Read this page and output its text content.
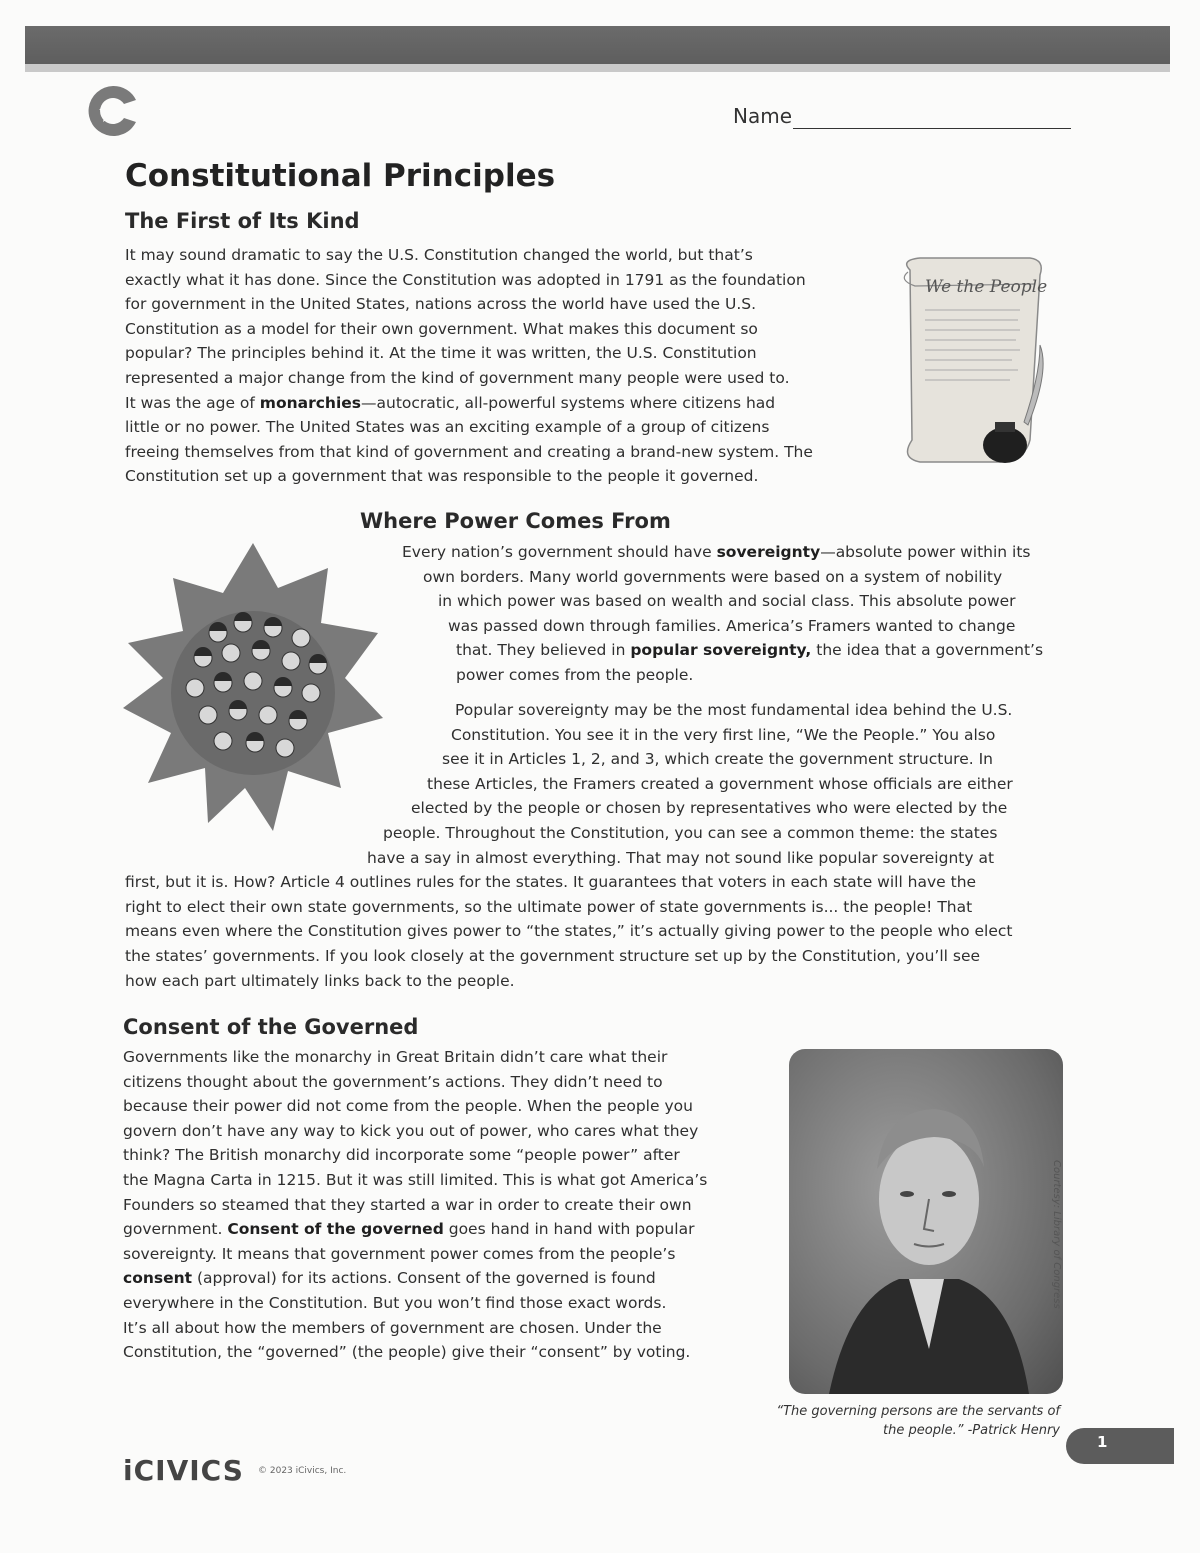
Name
Constitutional Principles
The First of Its Kind
It may sound dramatic to say the U.S. Constitution changed the world, but that’s
exactly what it has done. Since the Constitution was adopted in 1791 as the foundation
for government in the United States, nations across the world have used the U.S.
Constitution as a model for their own government. What makes this document so
popular? The principles behind it. At the time it was written, the U.S. Constitution
represented a major change from the kind of government many people were used to.
It was the age of monarchies—autocratic, all-powerful systems where citizens had
little or no power. The United States was an exciting example of a group of citizens
freeing themselves from that kind of government and creating a brand-new system. The
Constitution set up a government that was responsible to the people it governed.
We the People
Where Power Comes From
Every nation’s government should have sovereignty—absolute power within its
own borders. Many world governments were based on a system of nobility
in which power was based on wealth and social class. This absolute power
was passed down through families. America’s Framers wanted to change
that. They believed in popular sovereignty, the idea that a government’s
power comes from the people.
Popular sovereignty may be the most fundamental idea behind the U.S.
Constitution. You see it in the very first line, “We the People.” You also
see it in Articles 1, 2, and 3, which create the government structure. In
these Articles, the Framers created a government whose officials are either
elected by the people or chosen by representatives who were elected by the
people. Throughout the Constitution, you can see a common theme: the states
have a say in almost everything. That may not sound like popular sovereignty at
first, but it is. How? Article 4 outlines rules for the states. It guarantees that voters in each state will have the
right to elect their own state governments, so the ultimate power of state governments is... the people! That
means even where the Constitution gives power to “the states,” it’s actually giving power to the people who elect
the states’ governments. If you look closely at the government structure set up by the Constitution, you’ll see
how each part ultimately links back to the people.
Consent of the Governed
Governments like the monarchy in Great Britain didn’t care what their
citizens thought about the government’s actions. They didn’t need to
because their power did not come from the people. When the people you
govern don’t have any way to kick you out of power, who cares what they
think? The British monarchy did incorporate some “people power” after
the Magna Carta in 1215. But it was still limited. This is what got America’s
Founders so steamed that they started a war in order to create their own
government. Consent of the governed goes hand in hand with popular
sovereignty. It means that government power comes from the people’s
consent (approval) for its actions. Consent of the governed is found
everywhere in the Constitution. But you won’t find those exact words.
It’s all about how the members of government are chosen. Under the
Constitution, the “governed” (the people) give their “consent” by voting.
Courtesy: Library of Congress
“The governing persons are the servants of
the people.” -Patrick Henry
iCIVICS © 2023 iCivics, Inc.
1
